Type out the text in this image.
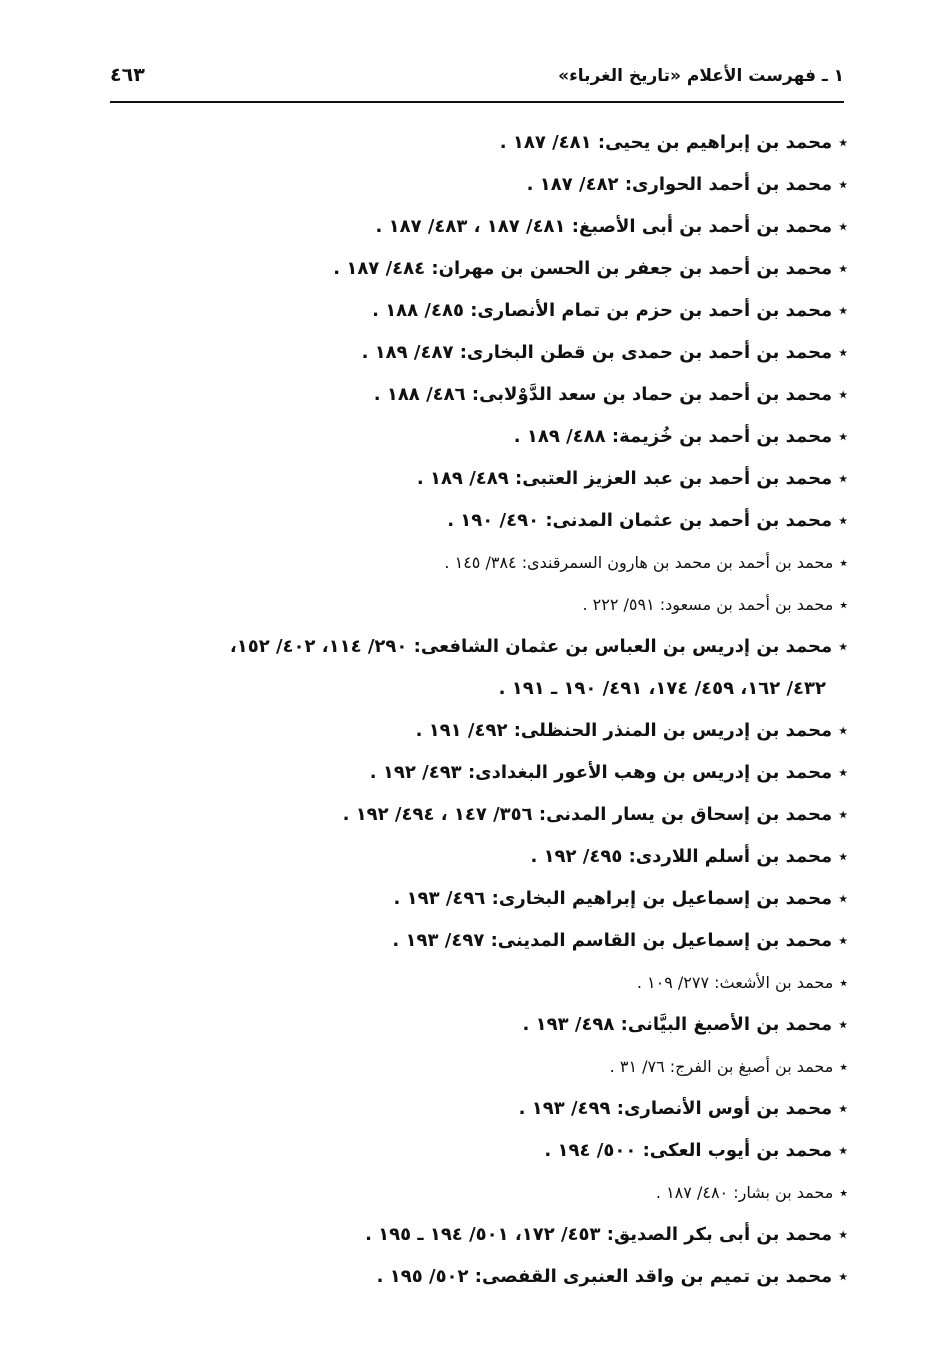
١ ـ فهرست الأعلام «تاريخ الغرباء»
٤٦٣
٭محمد بن إبراهيم بن يحيى: ٤٨١/ ١٨٧ .
٭محمد بن أحمد الحوارى: ٤٨٢/ ١٨٧ .
٭محمد بن أحمد بن أبى الأصبغ: ٤٨١/ ١٨٧ ، ٤٨٣/ ١٨٧ .
٭محمد بن أحمد بن جعفر بن الحسن بن مهران: ٤٨٤/ ١٨٧ .
٭محمد بن أحمد بن حزم بن تمام الأنصارى: ٤٨٥/ ١٨٨ .
٭محمد بن أحمد بن حمدى بن قطن البخارى: ٤٨٧/ ١٨٩ .
٭محمد بن أحمد بن حماد بن سعد الدَّوْلابى: ٤٨٦/ ١٨٨ .
٭محمد بن أحمد بن خُزيمة: ٤٨٨/ ١٨٩ .
٭محمد بن أحمد بن عبد العزيز العتبى: ٤٨٩/ ١٨٩ .
٭محمد بن أحمد بن عثمان المدنى: ٤٩٠/ ١٩٠ .
٭محمد بن أحمد بن محمد بن هارون السمرقندى: ٣٨٤/ ١٤٥ .
٭محمد بن أحمد بن مسعود: ٥٩١/ ٢٢٢ .
٭محمد بن إدريس بن العباس بن عثمان الشافعى: ٢٩٠/ ١١٤، ٤٠٢/ ١٥٢،
٤٣٢/ ١٦٢، ٤٥٩/ ١٧٤، ٤٩١/ ١٩٠ ـ ١٩١ .
٭محمد بن إدريس بن المنذر الحنظلى: ٤٩٢/ ١٩١ .
٭محمد بن إدريس بن وهب الأعور البغدادى: ٤٩٣/ ١٩٢ .
٭محمد بن إسحاق بن يسار المدنى: ٣٥٦/ ١٤٧ ، ٤٩٤/ ١٩٢ .
٭محمد بن أسلم اللاردى: ٤٩٥/ ١٩٢ .
٭محمد بن إسماعيل بن إبراهيم البخارى: ٤٩٦/ ١٩٣ .
٭محمد بن إسماعيل بن القاسم المدينى: ٤٩٧/ ١٩٣ .
٭محمد بن الأشعث: ٢٧٧/ ١٠٩ .
٭محمد بن الأصبغ البيَّانى: ٤٩٨/ ١٩٣ .
٭محمد بن أصبغ بن الفرج: ٧٦/ ٣١ .
٭محمد بن أوس الأنصارى: ٤٩٩/ ١٩٣ .
٭محمد بن أيوب العكى: ٥٠٠/ ١٩٤ .
٭محمد بن بشار: ٤٨٠/ ١٨٧ .
٭محمد بن أبى بكر الصديق: ٤٥٣/ ١٧٢، ٥٠١/ ١٩٤ ـ ١٩٥ .
٭محمد بن تميم بن واقد العنبرى القفصى: ٥٠٢/ ١٩٥ .
